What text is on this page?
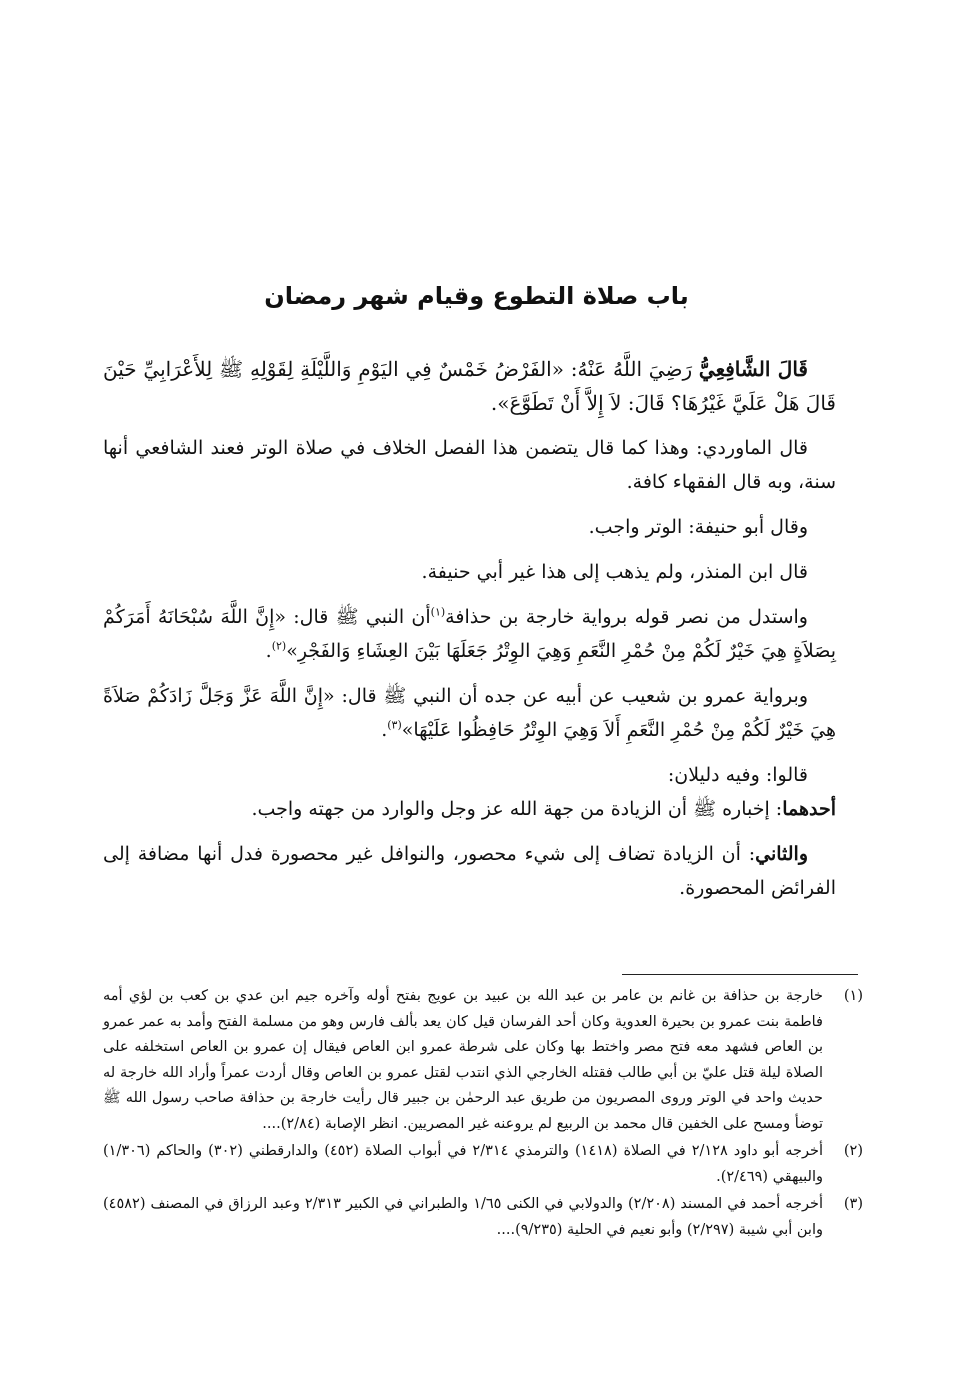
باب صلاة التطوع وقيام شهر رمضان

قَالَ الشَّافِعِيُّ رَضِيَ اللَّهُ عَنْهُ: «الفَرْضُ خَمْسٌ فِي اليَوْمِ وَاللَّيْلَةِ لِقَوْلِهِ ﷺ لِلأَعْرَابِيِّ حَيْنَ قَالَ هَلْ عَلَيَّ غَيْرُهَا؟ قَالَ: لاَ إِلاَّ أَنْ تَطَوَّعَ».

قال الماوردي: وهذا كما قال يتضمن هذا الفصل الخلاف في صلاة الوتر فعند الشافعي أنها سنة، وبه قال الفقهاء كافة.

وقال أبو حنيفة: الوتر واجب.

قال ابن المنذر، ولم يذهب إلى هذا غير أبي حنيفة.

واستدل من نصر قوله برواية خارجة بن حذافة$^{(١)}$أن النبي ﷺ قال: «إِنَّ اللَّهَ سُبْحَانَهُ أَمَرَكُمْ بِصَلاَةٍ هِيَ خَيْرٌ لَكُمْ مِنْ حُمْرِ النَّعَمِ وَهِيَ الوِتْرُ جَعَلَهَا بَيْنَ العِشَاءِ وَالفَجْرِ»$^{(٢)}$.

وبرواية عمرو بن شعيب عن أبيه عن جده أن النبي ﷺ قال: «إِنَّ اللَّهَ عَزَّ وَجَلَّ زَادَكُمْ صَلاَةً هِيَ خَيْرٌ لَكُمْ مِنْ حُمْرِ النَّعَمِ أَلاَ وَهِيَ الوِتْرُ حَافِظُوا عَلَيْهَا»$^{(٣)}$.

قالوا: وفيه دليلان:

أحدهما: إخباره ﷺ أن الزيادة من جهة الله عز وجل والوارد من جهته واجب.

والثاني: أن الزيادة تضاف إلى شيء محصور، والنوافل غير محصورة فدل أنها مضافة إلى الفرائض المحصورة.

(١)
خارجة بن حذافة بن غانم بن عامر بن عبد الله بن عبيد بن عويج بفتح أوله وآخره جيم ابن عدي بن كعب بن لؤي أمه فاطمة بنت عمرو بن بحيرة العدوية وكان أحد الفرسان قيل كان يعد بألف فارس وهو من مسلمة الفتح وأمد به عمر عمرو بن العاص فشهد معه فتح مصر واختط بها وكان على شرطة عمرو ابن العاص فيقال إن عمرو بن العاص استخلفه على الصلاة ليلة قتل عليّ بن أبي طالب فقتله الخارجي الذي انتدب لقتل عمرو بن العاص وقال أردت عمراً وأراد الله خارجة له حديث واحد في الوتر وروى المصريون من طريق عبد الرحمٰن بن جبير قال رأيت خارجة بن حذافة صاحب رسول الله ﷺ توضأ ومسح على الخفين قال محمد بن الربيع لم يروعنه غير المصريين. انظر الإصابة (٢/٨٤)....
(٢)
أخرجه أبو داود ٢/١٢٨ في الصلاة (١٤١٨) والترمذي ٢/٣١٤ في أبواب الصلاة (٤٥٢) والدارقطني (٣٠٢) والحاكم (١/٣٠٦) والبيهقي (٢/٤٦٩).
(٣)
أخرجه أحمد في المسند (٢/٢٠٨) والدولابي في الكنى ١/٦٥ والطبراني في الكبير ٢/٣١٣ وعبد الرزاق في المصنف (٤٥٨٢) وابن أبي شيبة (٢/٢٩٧) وأبو نعيم في الحلية (٩/٢٣٥)....
